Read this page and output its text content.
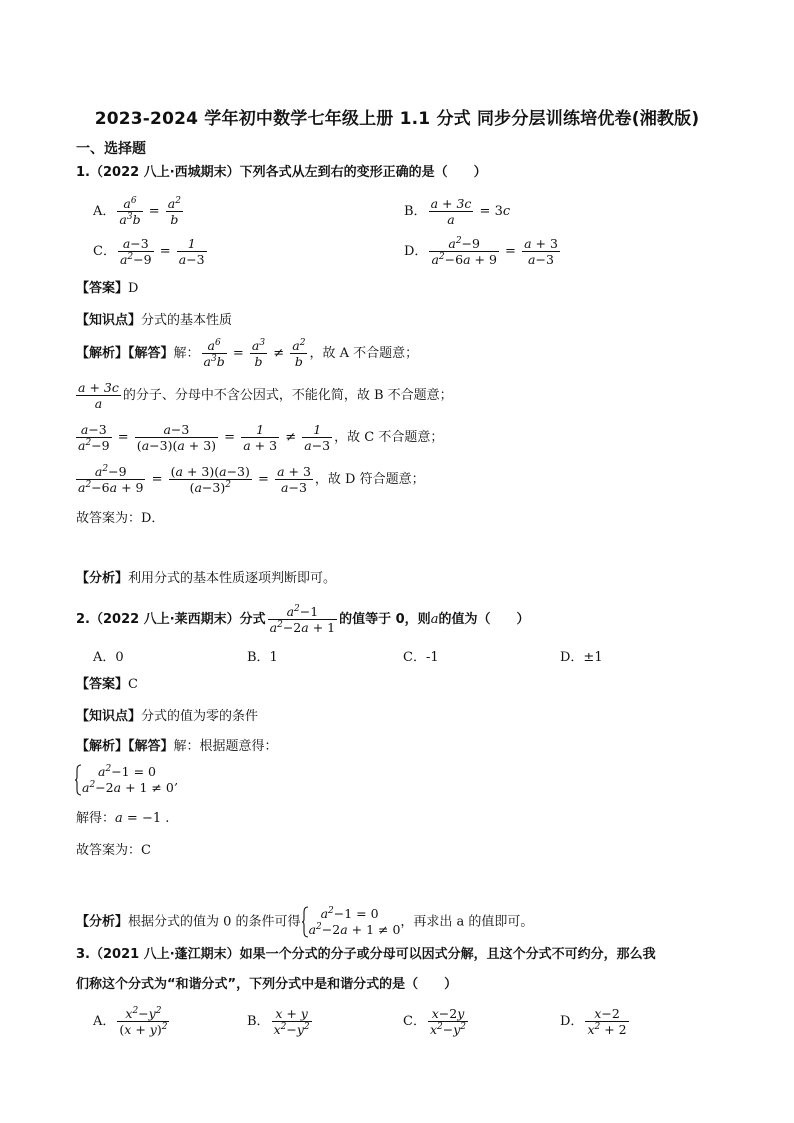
2023-2024 学年初中数学七年级上册 1.1 分式 同步分层训练培优卷(湘教版)
一、选择题
1.（2022 八上·西城期末）下列各式从左到右的变形正确的是（　　）
A． $\frac{a^6}{a^3b} = \frac{a^2}{b}$	B． $\frac{a + 3c}{a} = 3c$
C． $\frac{a-3}{a^2-9} = \frac{1}{a-3}$	D． $\frac{a^2-9}{a^2-6a + 9} = \frac{a + 3}{a-3}$
【答案】D
【知识点】分式的基本性质
【解析】【解答】解： $\frac{a^6}{a^3b} = \frac{a^3}{b} \ne \frac{a^2}{b}$ ，故 A 不合题意；
$\frac{a + 3c}{a}$ 的分子、分母中不含公因式，不能化简，故 B 不合题意；
$\frac{a-3}{a^2-9} = \frac{a-3}{(a-3)(a + 3)} = \frac{1}{a + 3} \ne \frac{1}{a-3}$ ，故 C 不合题意；
$\frac{a^2-9}{a^2-6a + 9} = \frac{(a + 3)(a-3)}{(a-3)^2} = \frac{a + 3}{a-3}$ ，故 D 符合题意；
故答案为：D．
【分析】利用分式的基本性质逐项判断即可。
2.（2022 八上·莱西期末）分式 $\frac{a^2-1}{a^2-2a + 1}$ 的值等于 0，则a的值为（　　）
A．0	B．1	C．-1	D．±1
【答案】C
【知识点】分式的值为零的条件
【解析】【解答】解：根据题意得：
$a^2-1 = 0$
$a^2-2a + 1 \ne 0$’
解得：a = −1 .
故答案为：C
【分析】根据分式的值为 0 的条件可得
$a^2-1 = 0$
$a^2-2a + 1 \ne 0$ ，再求出 a 的值即可。
3.（2021 八上·蓬江期末）如果一个分式的分子或分母可以因式分解，且这个分式不可约分，那么我
们称这个分式为“和谐分式”，下列分式中是和谐分式的是（　　）
A． $\frac{x^2-y^2}{(x + y)^2}$	B． $\frac{x + y}{x^2-y^2}$	C． $\frac{x-2y}{x^2-y^2}$	D． $\frac{x-2}{x^2 + 2}$
